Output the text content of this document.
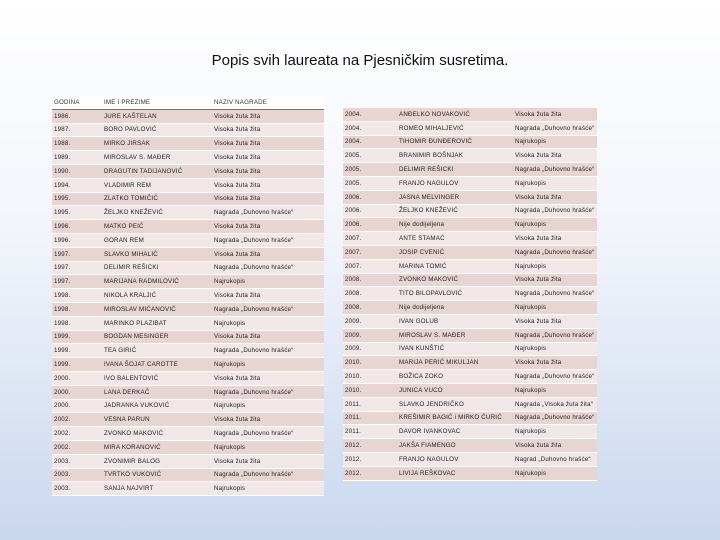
Popis svih laureata na Pjesničkim susretima.
GODINA	IME I PREZIME	NAZIV NAGRADE
1986.	JURE KAŠTELAN	Visoka žuta žita
1987.	BORO PAVLOVIĆ	Visoka žuta žita
1988.	MIRKO JIRSAK	Visoka žuta žita
1989.	MIROSLAV S. MAĐER	Visoka žuta žita
1990.	DRAGUTIN TADIJANOVIĆ	Visoka žuta žita
1994.	VLADIMIR REM	Visoka žuta žita
1995.	ZLATKO TOMIČIĆ	Visoka žuta žita
1995.	ŽELJKO KNEŽEVIĆ	Nagrada „Duhovno hrašće“
1996.	MATKO PEIĆ	Visoka žuta žita
1996.	GORAN REM	Nagrada „Duhovno hrašće“
1997.	SLAVKO MIHALIĆ	Visoka žuta žita
1997.	DELIMIR REŠICKI	Nagrada „Duhovno hrašće“
1997.	MARIJANA RADMILOVIĆ	Najrukopis
1998.	NIKOLA KRALJIĆ	Visoka žuta žita
1998.	MIROSLAV MIĆANOVIĆ	Nagrada „Duhovno hrašće“
1998.	MARINKO PLAZIBAT	Najrukopis
1999.	BOGDAN MESINGER	Visoka žuta žita
1999.	TEA GIRIĆ	Nagrada „Duhovno hrašće“
1999.	IVANA ŠOJAT CAROTTE	Najrukopis
2000.	IVO BALENTOVIĆ	Visoka žuta žita
2000.	LANA DERKAČ	Nagrada „Duhovno hrašće“
2000.	JADRANKA VUKOVIĆ	Najrukopis
2002.	VESNA PARUN	Visoka žuta žita
2002.	ZVONKO MAKOVIĆ	Nagrada „Duhovno hrašće“
2002.	MIRA KORANOVIĆ	Najrukopis
2003.	ZVONIMIR BALOG	Visoka žuta žita
2003.	TVRTKO VUKOVIĆ	Nagrada „Duhovno hrašće“
2003.	SANJA NAJVIRT	Najrukopis
2004.	ANĐELKO NOVAKOVIĆ	Visoka žuta žita
2004.	ROMEO MIHALJEVIĆ	Nagrada „Duhovno hrašće“
2004.	TIHOMIR ĐUNĐEROVIĆ	Najrukopis
2005.	BRANIMIR BOŠNJAK	Visoka žuta žita
2005.	DELIMIR REŠICKI	Nagrada „Duhovno hrašće“
2005.	FRANJO NAGULOV	Najrukopis
2006.	JASNA MELVINGER	Visoka žuta žita
2006.	ŽELJKO KNEŽEVIĆ	Nagrada „Duhovno hrašće“
2006.	Nije dodijeljena	Najrukopis
2007.	ANTE STAMAĆ	Visoka žuta žita
2007.	JOSIP CVENIĆ	Nagrada „Duhovno hrašće“
2007.	MARINA TOMIĆ	Najrukopis
2008.	ZVONKO MAKOVIĆ	Visoka žuta žita
2008.	TITO BILOPAVLOVIĆ	Nagrada „Duhovno hrašće“
2008.	Nije dodijeljena	Najrukopis
2009.	IVAN GOLUB	Visoka žuta žita
2009.	MIROSLAV S. MAĐER	Nagrada „Duhovno hrašće“
2009.	IVAN KUNŠTIĆ	Najrukopis
2010.	MARIJA PERIĆ MIKULJAN	Visoka žuta žita
2010.	BOŽICA ZOKO	Nagrada „Duhovno hrašće“
2010.	JUNICA VUCO	Najrukopis
2011.	SLAVKO JENDRIČKO	Nagrada „Visoka žuta žita“
2011.	KREŠIMIR BAGIĆ i MIRKO ĆURIĆ	Nagrada „Duhovno hrašće“
2011.	DAVOR IVANKOVAC	Najrukopis
2012.	JAKŠA FIAMENGO	Visoka žuta žita
2012.	FRANJO NAGULOV	Nagrad „Duhovno hrašće“
2012.	LIVIJA REŠKOVAC	Najrukopis
